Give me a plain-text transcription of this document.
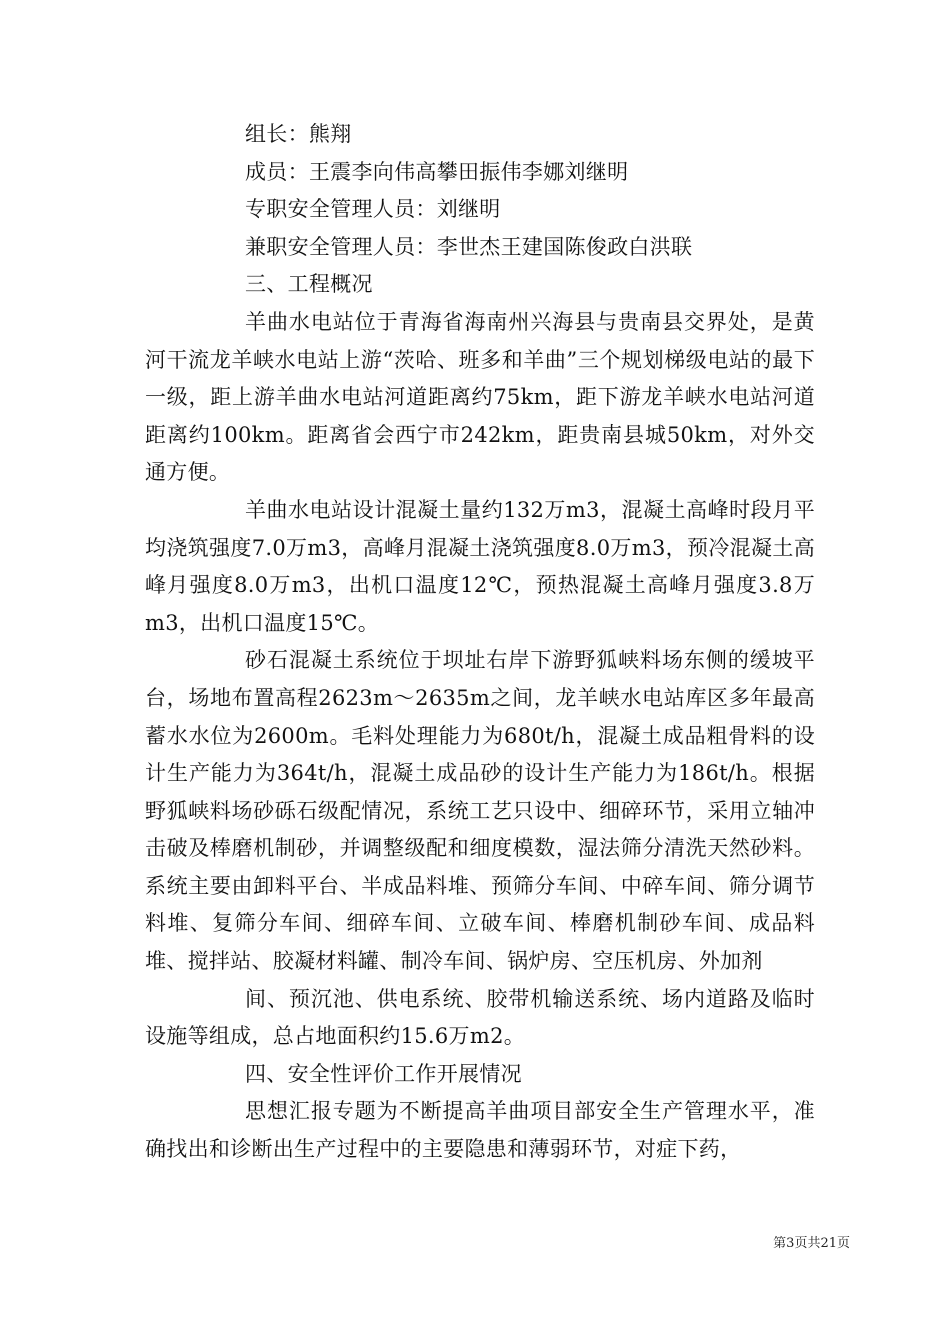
组长：熊翔
成员：王震李向伟高攀田振伟李娜刘继明
专职安全管理人员：刘继明
兼职安全管理人员：李世杰王建国陈俊政白洪联
三、工程概况

羊曲水电站位于青海省海南州兴海县与贵南县交界处，是黄河干流龙羊峡水电站上游“茨哈、班多和羊曲”三个规划梯级电站的最下一级，距上游羊曲水电站河道距离约75km，距下游龙羊峡水电站河道距离约100km。距离省会西宁市242km，距贵南县城50km，对外交通方便。

羊曲水电站设计混凝土量约132万m3，混凝土高峰时段月平均浇筑强度7.0万m3，高峰月混凝土浇筑强度8.0万m3，预冷混凝土高峰月强度8.0万m3，出机口温度12℃，预热混凝土高峰月强度3.8万m3，出机口温度15℃。

砂石混凝土系统位于坝址右岸下游野狐峡料场东侧的缓坡平台，场地布置高程2623m～2635m之间，龙羊峡水电站库区多年最高蓄水水位为2600m。毛料处理能力为680t/h，混凝土成品粗骨料的设计生产能力为364t/h，混凝土成品砂的设计生产能力为186t/h。根据野狐峡料场砂砾石级配情况，系统工艺只设中、细碎环节，采用立轴冲击破及棒磨机制砂，并调整级配和细度模数，湿法筛分清洗天然砂料。系统主要由卸料平台、半成品料堆、预筛分车间、中碎车间、筛分调节料堆、复筛分车间、细碎车间、立破车间、棒磨机制砂车间、成品料堆、搅拌站、胶凝材料罐、制冷车间、锅炉房、空压机房、外加剂

间、预沉池、供电系统、胶带机输送系统、场内道路及临时设施等组成，总占地面积约15.6万m2。

四、安全性评价工作开展情况

思想汇报专题为不断提高羊曲项目部安全生产管理水平，准确找出和诊断出生产过程中的主要隐患和薄弱环节，对症下药，

第3页共21页
